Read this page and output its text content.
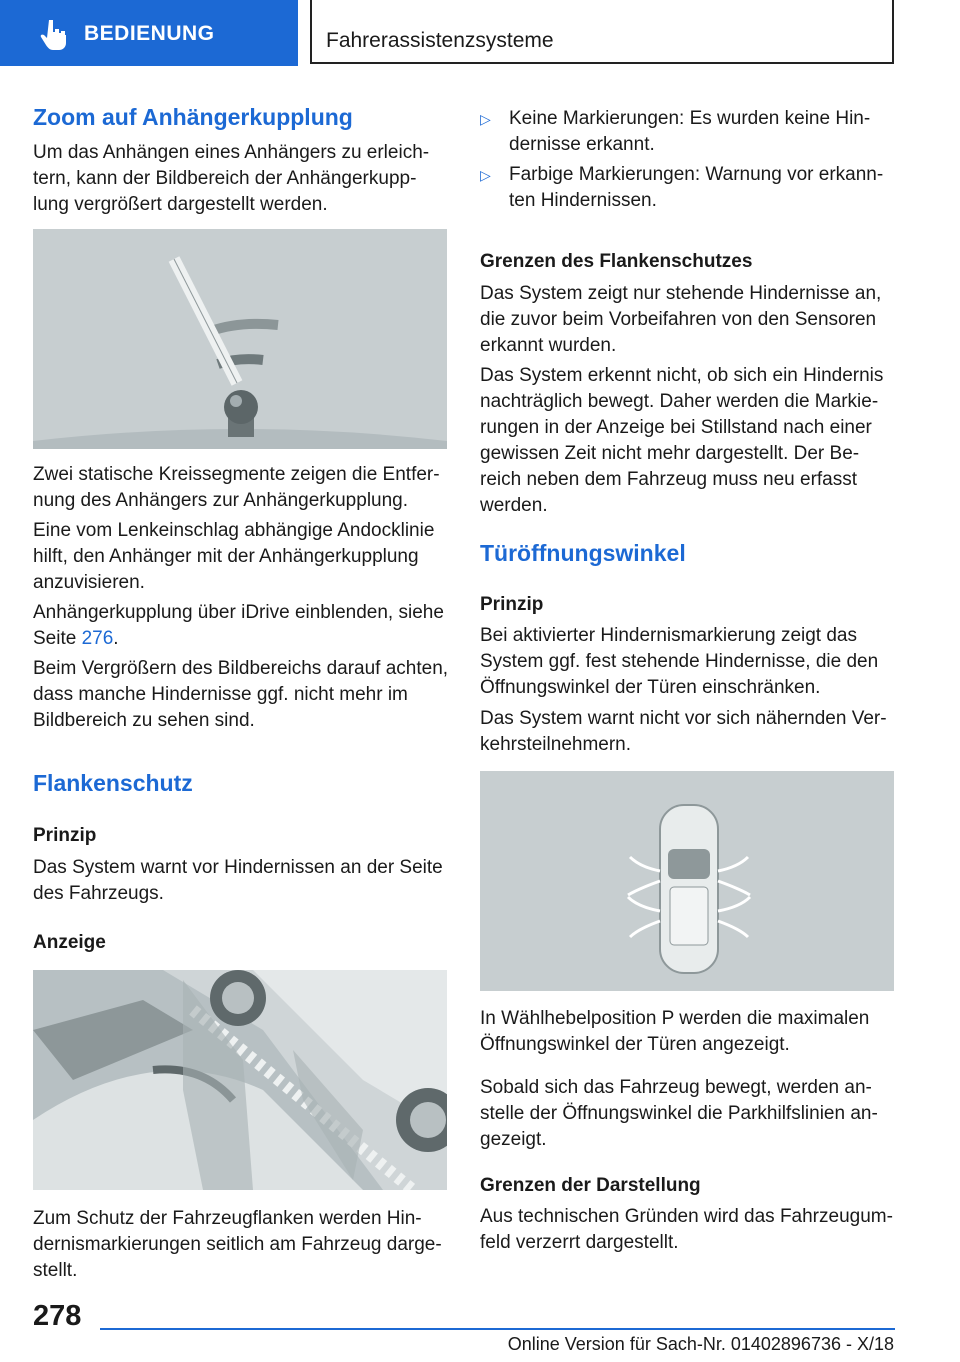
BEDIENUNG	Fahrerassistenzsysteme
Zoom auf Anhängerkupplung

Um das Anhängen eines Anhängers zu erleich-
tern, kann der Bildbereich der Anhängerkupp-
lung vergrößert dargestellt werden.

Zwei statische Kreissegmente zeigen die Entfer-
nung des Anhängers zur Anhängerkupplung.

Eine vom Lenkeinschlag abhängige Andocklinie
hilft, den Anhänger mit der Anhängerkupplung
anzuvisieren.

Anhängerkupplung über iDrive einblenden, siehe
Seite 276.

Beim Vergrößern des Bildbereichs darauf achten,
dass manche Hindernisse ggf. nicht mehr im
Bildbereich zu sehen sind.

Flankenschutz
Prinzip

Das System warnt vor Hindernissen an der Seite
des Fahrzeugs.

Anzeige

Zum Schutz der Fahrzeugflanken werden Hin-
dernismarkierungen seitlich am Fahrzeug darge-
stellt.

▷ Keine Markierungen: Es wurden keine Hin-
dernisse erkannt.
▷ Farbige Markierungen: Warnung vor erkann-
ten Hindernissen.
Grenzen des Flankenschutzes

Das System zeigt nur stehende Hindernisse an,
die zuvor beim Vorbeifahren von den Sensoren
erkannt wurden.

Das System erkennt nicht, ob sich ein Hindernis
nachträglich bewegt. Daher werden die Markie-
rungen in der Anzeige bei Stillstand nach einer
gewissen Zeit nicht mehr dargestellt. Der Be-
reich neben dem Fahrzeug muss neu erfasst
werden.

Türöffnungswinkel
Prinzip

Bei aktivierter Hindernismarkierung zeigt das
System ggf. fest stehende Hindernisse, die den
Öffnungswinkel der Türen einschränken.

Das System warnt nicht vor sich nähernden Ver-
kehrsteilnehmern.

In Wählhebelposition P werden die maximalen
Öffnungswinkel der Türen angezeigt.

Sobald sich das Fahrzeug bewegt, werden an-
stelle der Öffnungswinkel die Parkhilfslinien an-
gezeigt.

Grenzen der Darstellung

Aus technischen Gründen wird das Fahrzeugum-
feld verzerrt dargestellt.

278
Online Version für Sach-Nr. 01402896736 - X/18
